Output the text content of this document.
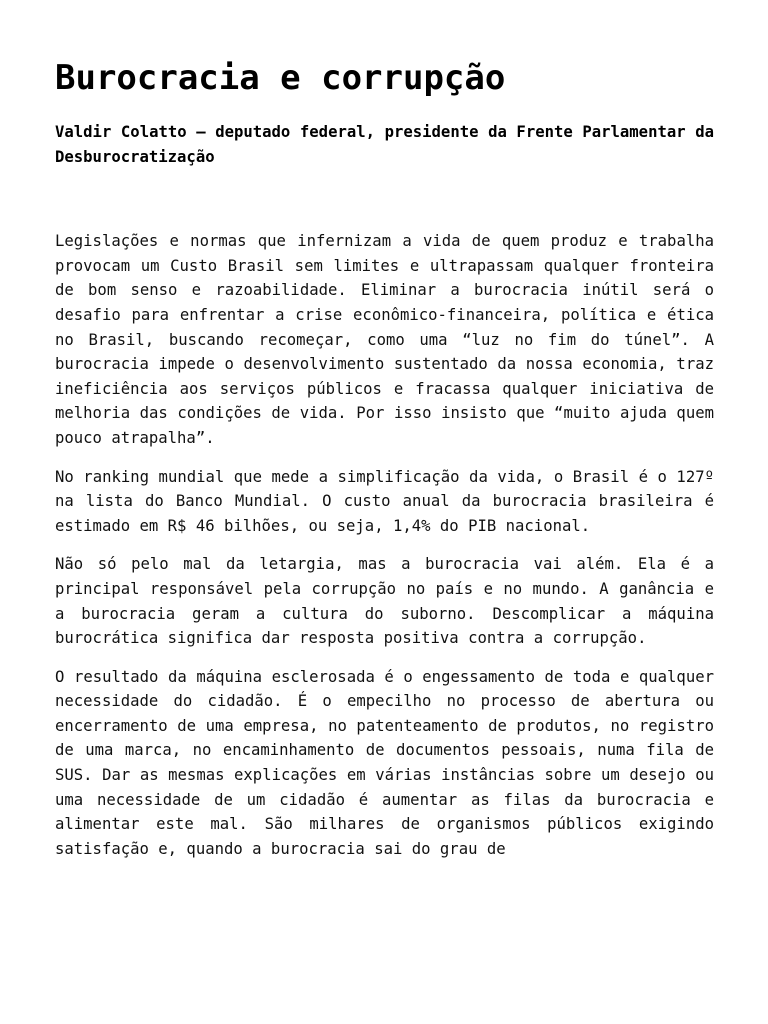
Burocracia e corrupção
Valdir Colatto – deputado federal, presidente da Frente Parlamentar da Desburocratização

Legislações e normas que infernizam a vida de quem produz e trabalha provocam um Custo Brasil sem limites e ultrapassam qualquer fronteira de bom senso e razoabilidade. Eliminar a burocracia inútil será o desafio para enfrentar a crise econômico-financeira, política e ética no Brasil, buscando recomeçar, como uma “luz no fim do túnel”. A burocracia impede o desenvolvimento sustentado da nossa economia, traz ineficiência aos serviços públicos e fracassa qualquer iniciativa de melhoria das condições de vida. Por isso insisto que “muito ajuda quem pouco atrapalha”.

No ranking mundial que mede a simplificação da vida, o Brasil é o 127º na lista do Banco Mundial. O custo anual da burocracia brasileira é estimado em R$ 46 bilhões, ou seja, 1,4% do PIB nacional.

Não só pelo mal da letargia, mas a burocracia vai além. Ela é a principal responsável pela corrupção no país e no mundo. A ganância e a burocracia geram a cultura do suborno. Descomplicar a máquina burocrática significa dar resposta positiva contra a corrupção.

O resultado da máquina esclerosada é o engessamento de toda e qualquer necessidade do cidadão. É o empecilho no processo de abertura ou encerramento de uma empresa, no patenteamento de produtos, no registro de uma marca, no encaminhamento de documentos pessoais, numa fila de SUS. Dar as mesmas explicações em várias instâncias sobre um desejo ou uma necessidade de um cidadão é aumentar as filas da burocracia e alimentar este mal. São milhares de organismos públicos exigindo satisfação e, quando a burocracia sai do grau de
